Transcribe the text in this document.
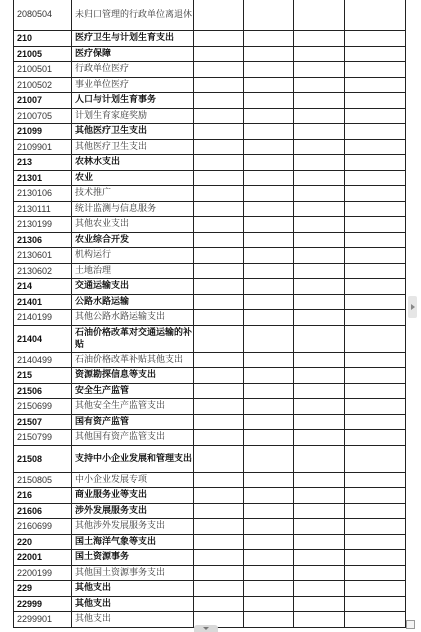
2080504	未归口管理的行政单位离退休				
210	医疗卫生与计划生育支出				
21005	医疗保障				
2100501	行政单位医疗				
2100502	事业单位医疗				
21007	人口与计划生育事务				
2100705	计划生育家庭奖励				
21099	其他医疗卫生支出				
2109901	其他医疗卫生支出				
213	农林水支出				
21301	农业				
2130106	技术推广				
2130111	统计监测与信息服务				
2130199	其他农业支出				
21306	农业综合开发				
2130601	机构运行				
2130602	土地治理				
214	交通运输支出				
21401	公路水路运输				
2140199	其他公路水路运输支出				
21404	石油价格改革对交通运输的补贴				
2140499	石油价格改革补贴其他支出				
215	资源勘探信息等支出				
21506	安全生产监管				
2150699	其他安全生产监管支出				
21507	国有资产监管				
2150799	其他国有资产监管支出				
21508	支持中小企业发展和管理支出				
2150805	中小企业发展专项				
216	商业服务业等支出				
21606	涉外发展服务支出				
2160699	其他涉外发展服务支出				
220	国土海洋气象等支出				
22001	国土资源事务				
2200199	其他国土资源事务支出				
229	其他支出				
22999	其他支出				
2299901	其他支出				
